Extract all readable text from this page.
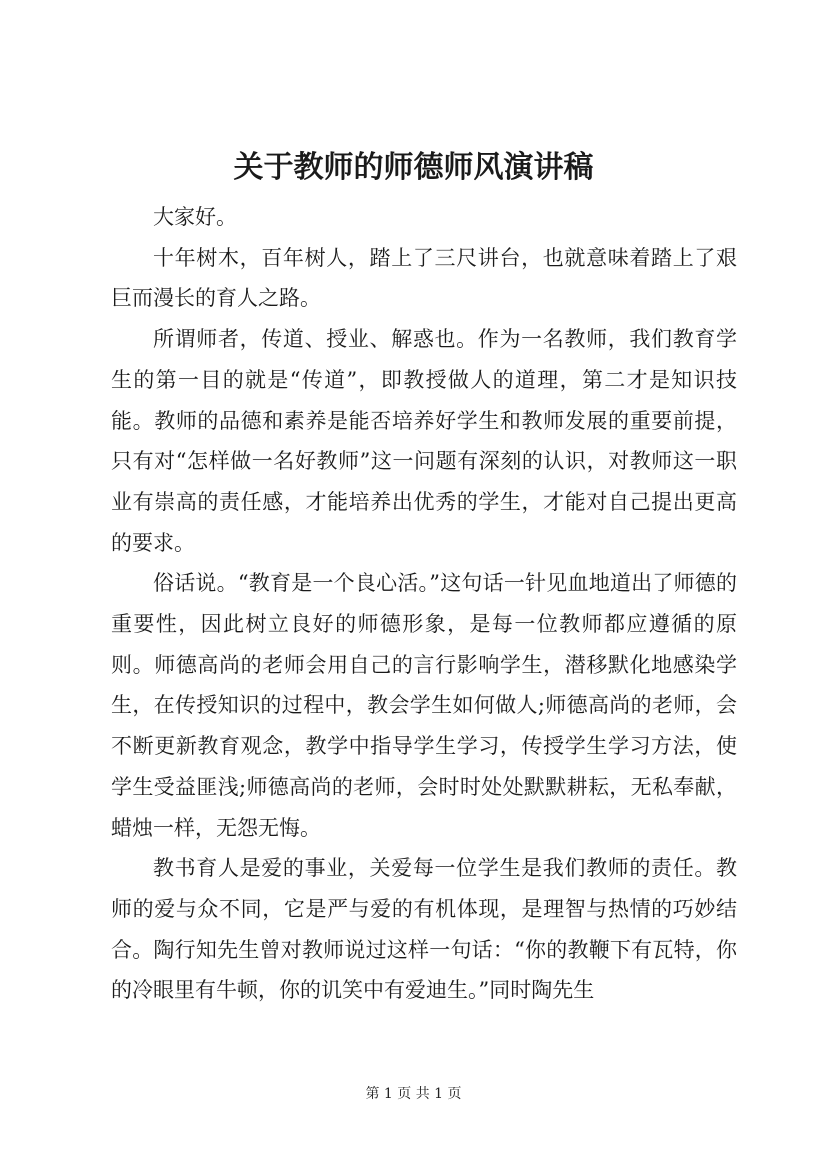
关于教师的师德师风演讲稿

大家好。

十年树木，百年树人，踏上了三尺讲台，也就意味着踏上了艰巨而漫长的育人之路。

所谓师者，传道、授业、解惑也。作为一名教师，我们教育学生的第一目的就是“传道”，即教授做人的道理，第二才是知识技能。教师的品德和素养是能否培养好学生和教师发展的重要前提，只有对“怎样做一名好教师”这一问题有深刻的认识，对教师这一职业有崇高的责任感，才能培养出优秀的学生，才能对自己提出更高的要求。

俗话说。“教育是一个良心活。”这句话一针见血地道出了师德的重要性，因此树立良好的师德形象，是每一位教师都应遵循的原则。师德高尚的老师会用自己的言行影响学生，潜移默化地感染学生，在传授知识的过程中，教会学生如何做人;师德高尚的老师，会不断更新教育观念，教学中指导学生学习，传授学生学习方法，使学生受益匪浅;师德高尚的老师，会时时处处默默耕耘，无私奉献，蜡烛一样，无怨无悔。

教书育人是爱的事业，关爱每一位学生是我们教师的责任。教师的爱与众不同，它是严与爱的有机体现，是理智与热情的巧妙结合。陶行知先生曾对教师说过这样一句话：“你的教鞭下有瓦特，你的冷眼里有牛顿，你的讥笑中有爱迪生。”同时陶先生

第 1 页 共 1 页
